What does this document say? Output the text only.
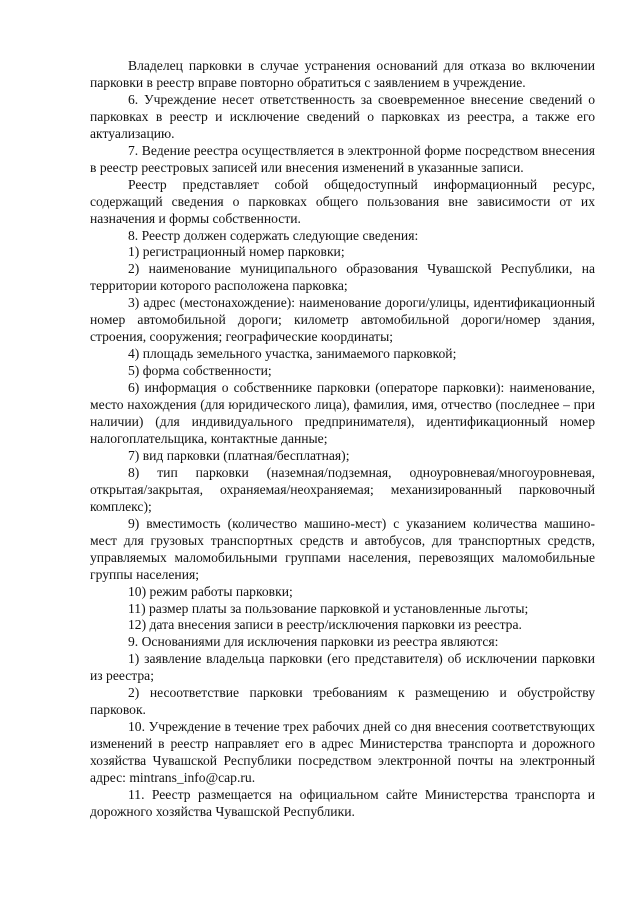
Владелец парковки в случае устранения оснований для отказа во включении парковки в реестр вправе повторно обратиться с заявлением в учреждение.

6. Учреждение несет ответственность за своевременное внесение сведений о парковках в реестр и исключение сведений о парковках из реестра, а также его актуализацию.

7. Ведение реестра осуществляется в электронной форме посредством внесения в реестр реестровых записей или внесения изменений в указанные записи.

Реестр представляет собой общедоступный информационный ресурс, содержащий сведения о парковках общего пользования вне зависимости от их назначения и формы собственности.

8. Реестр должен содержать следующие сведения:

1) регистрационный номер парковки;

2) наименование муниципального образования Чувашской Республики, на территории которого расположена парковка;

3) адрес (местонахождение): наименование дороги/улицы, идентификационный номер автомобильной дороги; километр автомобильной дороги/номер здания, строения, сооружения; географические координаты;

4) площадь земельного участка, занимаемого парковкой;

5) форма собственности;

6) информация о собственнике парковки (операторе парковки): наименование, место нахождения (для юридического лица), фамилия, имя, отчество (последнее – при наличии) (для индивидуального предпринимателя), идентификационный номер налогоплательщика, контактные данные;

7) вид парковки (платная/бесплатная);

8) тип парковки (наземная/подземная, одноуровневая/многоуровневая, открытая/закрытая, охраняемая/неохраняемая; механизированный парковочный комплекс);

9) вместимость (количество машино-мест) с указанием количества машино-мест для грузовых транспортных средств и автобусов, для транспортных средств, управляемых маломобильными группами населения, перевозящих маломобильные группы населения;

10) режим работы парковки;

11) размер платы за пользование парковкой и установленные льготы;

12) дата внесения записи в реестр/исключения парковки из реестра.

9. Основаниями для исключения парковки из реестра являются:

1) заявление владельца парковки (его представителя) об исключении парковки из реестра;

2) несоответствие парковки требованиям к размещению и обустройству парковок.

10. Учреждение в течение трех рабочих дней со дня внесения соответствующих изменений в реестр направляет его в адрес Министерства транспорта и дорожного хозяйства Чувашской Республики посредством электронной почты на электронный адрес: mintrans_info@cap.ru.

11. Реестр размещается на официальном сайте Министерства транспорта и дорожного хозяйства Чувашской Республики.
